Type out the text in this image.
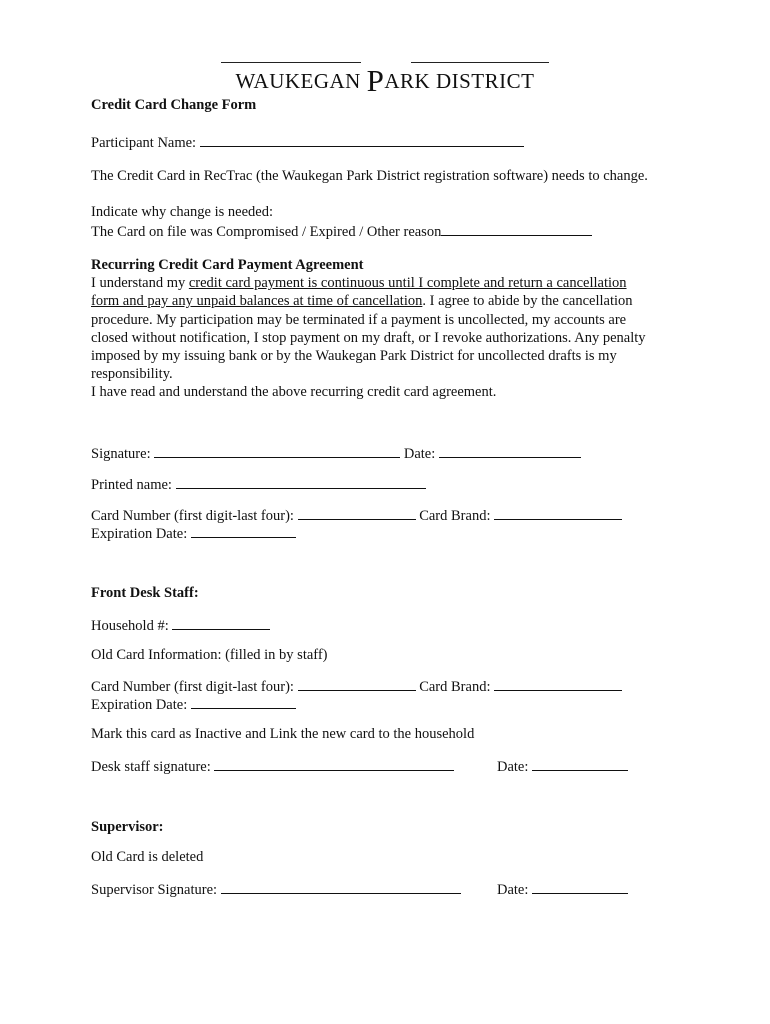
WAUKEGAN PARK DISTRICT
Credit Card Change Form
Participant Name:
The Credit Card in RecTrac (the Waukegan Park District registration software) needs to change.
Indicate why change is needed:
The Card on file was Compromised / Expired / Other reason
Recurring Credit Card Payment Agreement
I understand my credit card payment is continuous until I complete and return a cancellation
form and pay any unpaid balances at time of cancellation. I agree to abide by the cancellation
procedure. My participation may be terminated if a payment is uncollected, my accounts are
closed without notification, I stop payment on my draft, or I revoke authorizations. Any penalty
imposed by my issuing bank or by the Waukegan Park District for uncollected drafts is my
responsibility.
I have read and understand the above recurring credit card agreement.
Signature:	Date:
Printed name:
Card Number (first digit-last four):	Card Brand:
Expiration Date:
Front Desk Staff:
Household #:
Old Card Information: (filled in by staff)
Card Number (first digit-last four):	Card Brand:
Expiration Date:
Mark this card as Inactive and Link the new card to the household
Desk staff signature:	Date:
Supervisor:
Old Card is deleted
Supervisor Signature:	Date:
